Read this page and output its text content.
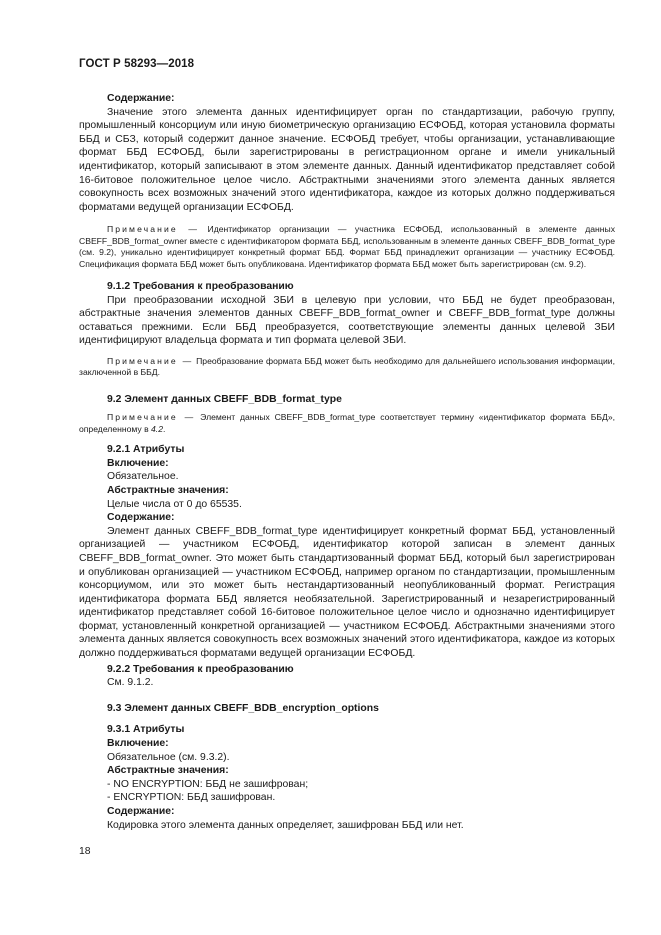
ГОСТ Р 58293—2018
Содержание:

Значение этого элемента данных идентифицирует орган по стандартизации, рабочую группу, промышленный консорциум или иную биометрическую организацию ЕСФОБД, которая установила форматы ББД и СБЗ, который содержит данное значение. ЕСФОБД требует, чтобы организации, устанавливающие формат ББД ЕСФОБД, были зарегистрированы в регистрационном органе и имели уникальный идентификатор, который записывают в этом элементе данных. Данный идентификатор представляет собой 16-битовое положительное целое число. Абстрактными значениями этого элемента данных является совокупность всех возможных значений этого идентификатора, каждое из которых должно поддерживаться форматами ведущей организации ЕСФОБД.

Примечание — Идентификатор организации — участника ЕСФОБД, использованный в элементе данных CBEFF_BDB_format_owner вместе с идентификатором формата ББД, использованным в элементе данных CBEFF_BDB_format_type (см. 9.2), уникально идентифицирует конкретный формат ББД. Формат ББД принадлежит организации — участнику ЕСФОБД. Спецификация формата ББД может быть опубликована. Идентификатор формата ББД может быть зарегистрирован (см. 9.2).

9.1.2 Требования к преобразованию

При преобразовании исходной ЗБИ в целевую при условии, что ББД не будет преобразован, абстрактные значения элементов данных CBEFF_BDB_format_owner и CBEFF_BDB_format_type должны оставаться прежними. Если ББД преобразуется, соответствующие элементы данных целевой ЗБИ идентифицируют владельца формата и тип формата целевой ЗБИ.

Примечание — Преобразование формата ББД может быть необходимо для дальнейшего использования информации, заключенной в ББД.

9.2 Элемент данных CBEFF_BDB_format_type

Примечание — Элемент данных CBEFF_BDB_format_type соответствует термину «идентификатор формата ББД», определенному в 4.2.

9.2.1 Атрибуты
Включение:
Обязательное.
Абстрактные значения:
Целые числа от 0 до 65535.
Содержание:

Элемент данных CBEFF_BDB_format_type идентифицирует конкретный формат ББД, установленный организацией — участником ЕСФОБД, идентификатор которой записан в элемент данных CBEFF_BDB_format_owner. Это может быть стандартизованный формат ББД, который был зарегистрирован и опубликован организацией — участником ЕСФОБД, например органом по стандартизации, промышленным консорциумом, или это может быть нестандартизованный неопубликованный формат. Регистрация идентификатора формата ББД является необязательной. Зарегистрированный и незарегистрированный идентификатор представляет собой 16-битовое положительное целое число и однозначно идентифицирует формат, установленный конкретной организацией — участником ЕСФОБД. Абстрактными значениями этого элемента данных является совокупность всех возможных значений этого идентификатора, каждое из которых должно поддерживаться форматами ведущей организации ЕСФОБД.

9.2.2 Требования к преобразованию
См. 9.1.2.
9.3 Элемент данных CBEFF_BDB_encryption_options
9.3.1 Атрибуты
Включение:
Обязательное (см. 9.3.2).
Абстрактные значения:
- NO ENCRYPTION: ББД не зашифрован;
- ENCRYPTION: ББД зашифрован.
Содержание:
Кодировка этого элемента данных определяет, зашифрован ББД или нет.
18
